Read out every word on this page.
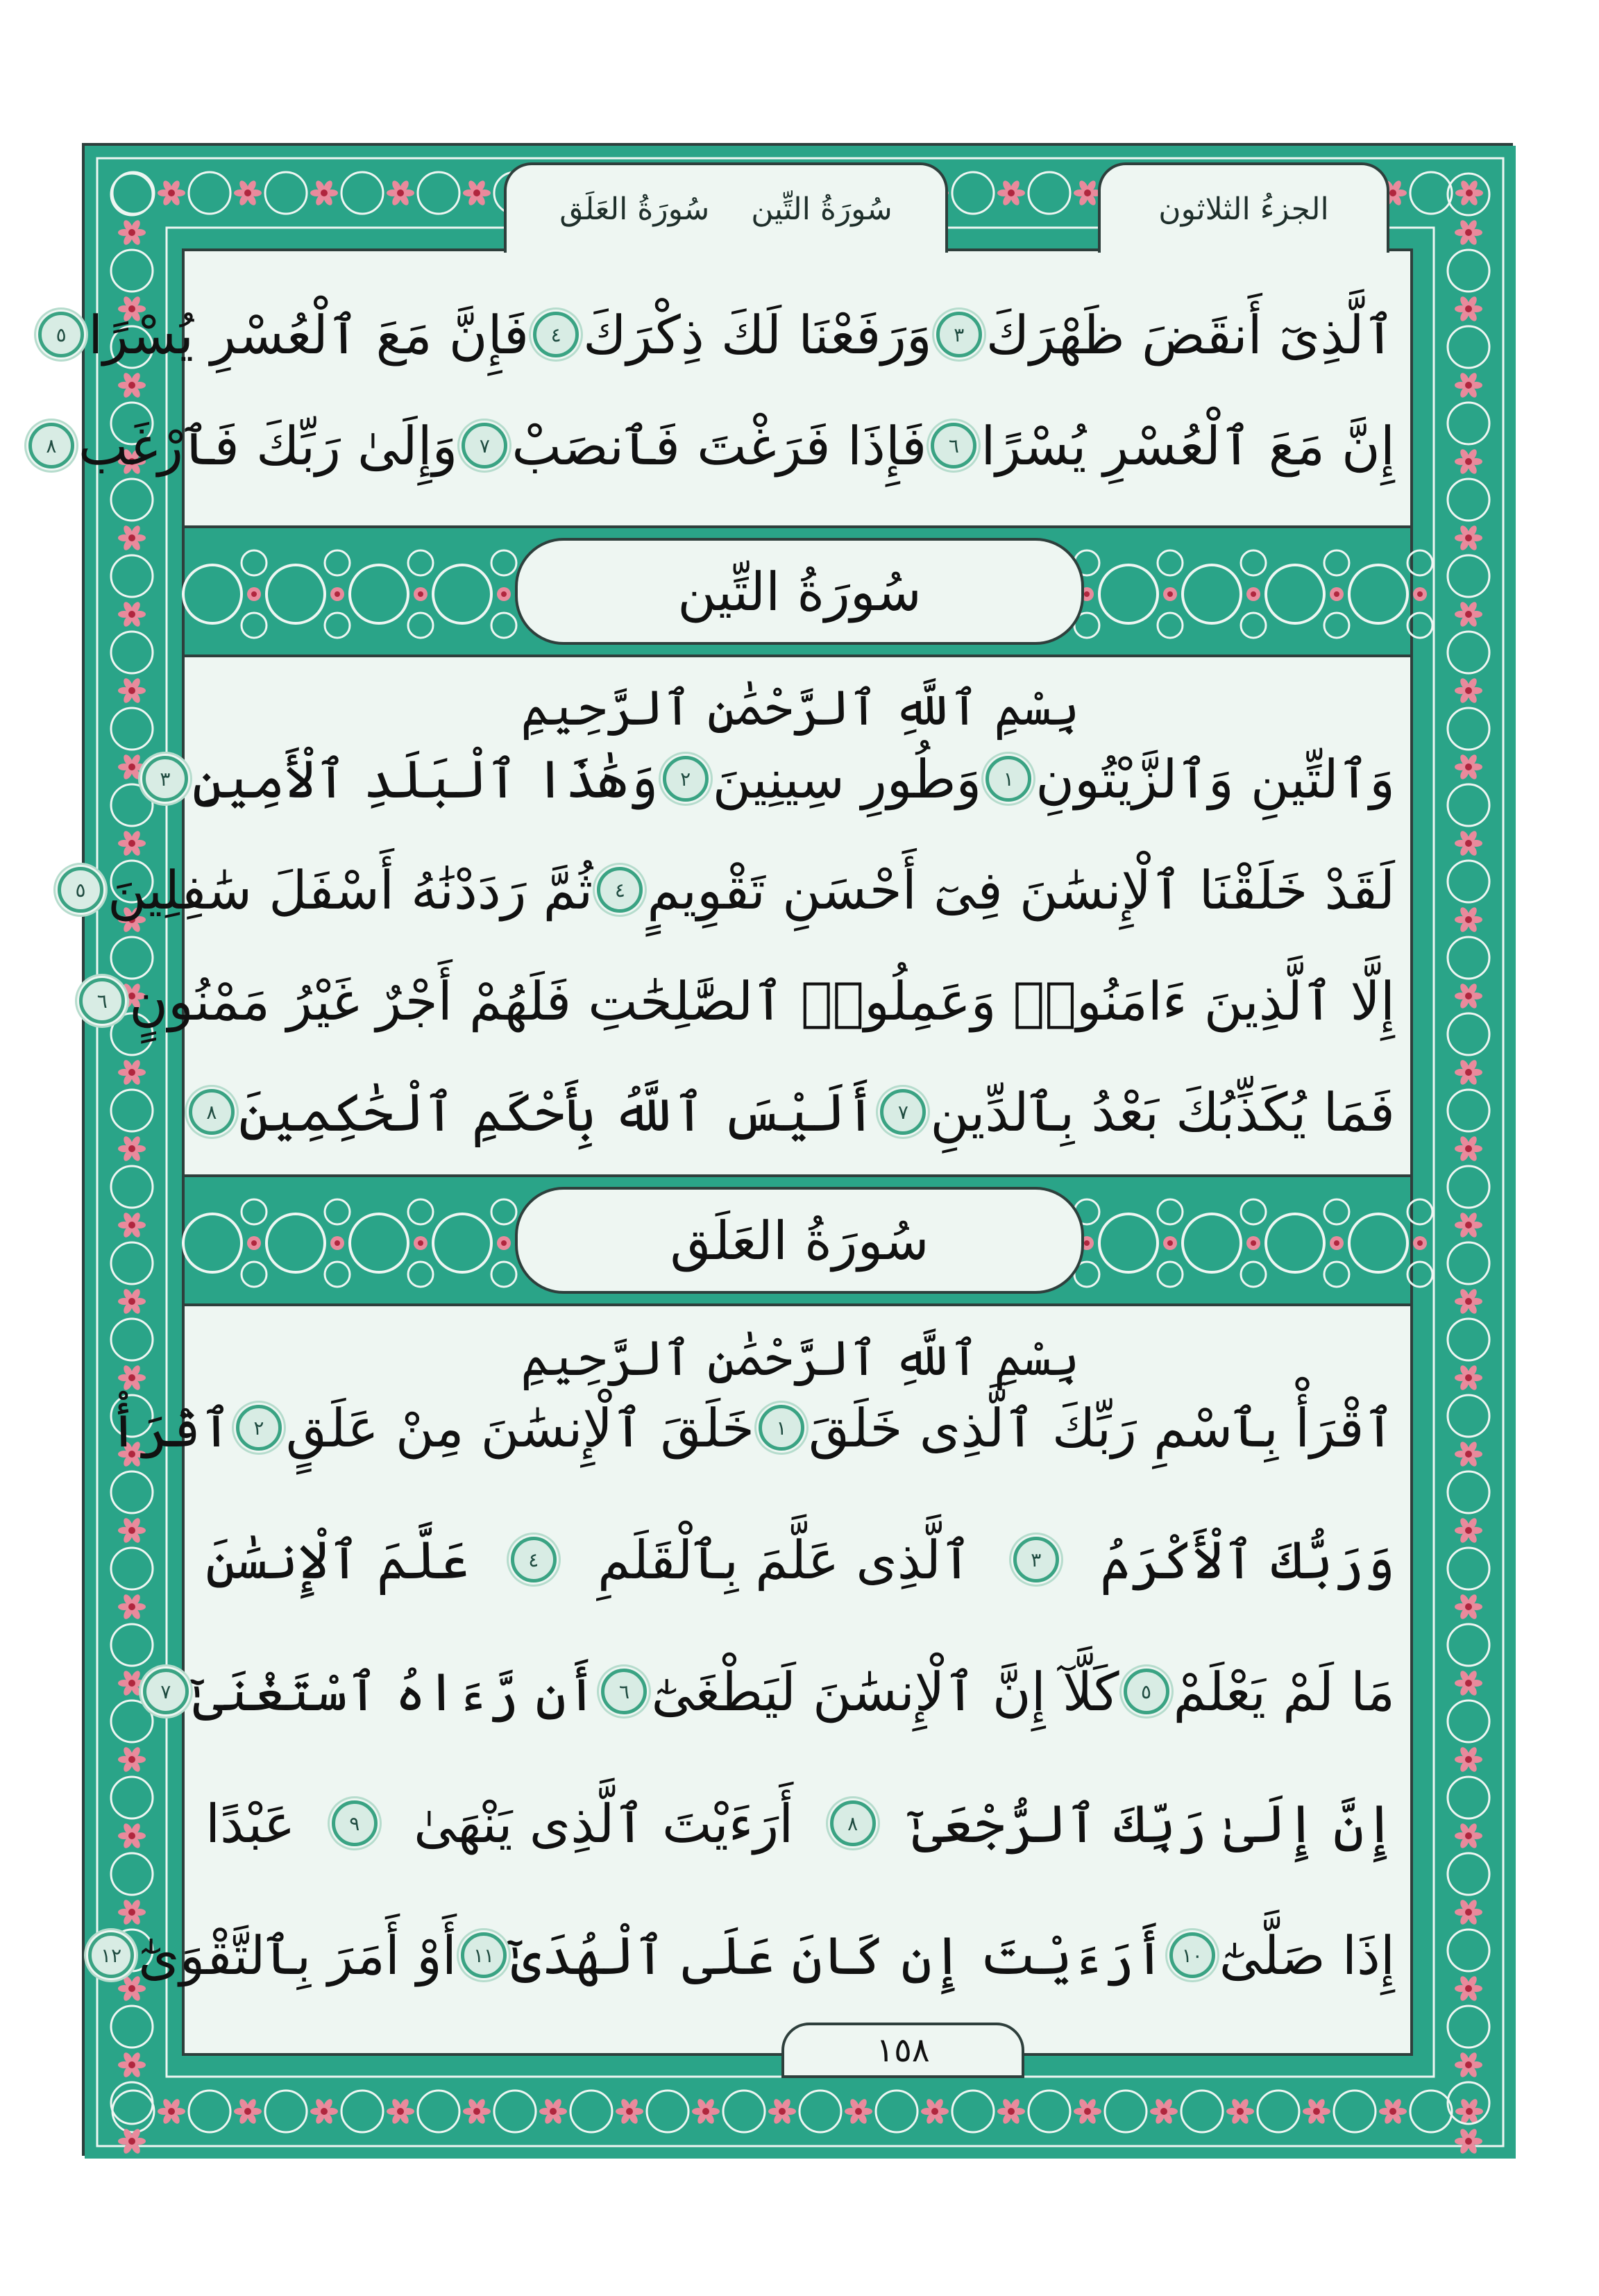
الجزءُ الثلاثون
سُورَةُ التِّين
سُورَةُ العَلَق
ٱلَّذِىٓ أَنقَضَ ظَهْرَكَ
٣
وَرَفَعْنَا لَكَ ذِكْرَكَ
٤
فَإِنَّ مَعَ ٱلْعُسْرِ يُسْرًا
٥
إِنَّ مَعَ ٱلْعُسْرِ يُسْرًا
٦
فَإِذَا فَرَغْتَ فَٱنصَبْ
٧
وَإِلَىٰ رَبِّكَ فَٱرْغَب
٨
سُورَةُ التِّين
بِسْمِ ٱللَّهِ ٱلرَّحْمَٰنِ ٱلرَّحِيمِ
وَٱلتِّينِ وَٱلزَّيْتُونِ
١
وَطُورِ سِينِينَ
٢
وَهَٰذَا ٱلْبَلَدِ ٱلْأَمِينِ
٣
لَقَدْ خَلَقْنَا ٱلْإِنسَٰنَ فِىٓ أَحْسَنِ تَقْوِيمٍ
٤
ثُمَّ رَدَدْنَٰهُ أَسْفَلَ سَٰفِلِينَ
٥
إِلَّا ٱلَّذِينَ ءَامَنُوا۟ وَعَمِلُوا۟ ٱلصَّٰلِحَٰتِ فَلَهُمْ أَجْرٌ غَيْرُ مَمْنُونٍ
٦
فَمَا يُكَذِّبُكَ بَعْدُ بِٱلدِّينِ
٧
أَلَيْسَ ٱللَّهُ بِأَحْكَمِ ٱلْحَٰكِمِينَ
٨
سُورَةُ العَلَق
بِسْمِ ٱللَّهِ ٱلرَّحْمَٰنِ ٱلرَّحِيمِ
ٱقْرَأْ بِٱسْمِ رَبِّكَ ٱلَّذِى خَلَقَ
١
خَلَقَ ٱلْإِنسَٰنَ مِنْ عَلَقٍ
٢
ٱقْرَأْ
وَرَبُّكَ ٱلْأَكْرَمُ
٣
ٱلَّذِى عَلَّمَ بِٱلْقَلَمِ
٤
عَلَّمَ ٱلْإِنسَٰنَ
مَا لَمْ يَعْلَمْ
٥
كَلَّآ إِنَّ ٱلْإِنسَٰنَ لَيَطْغَىٰٓ
٦
أَن رَّءَاهُ ٱسْتَغْنَىٰٓ
٧
إِنَّ إِلَىٰ رَبِّكَ ٱلرُّجْعَىٰٓ
٨
أَرَءَيْتَ ٱلَّذِى يَنْهَىٰ
٩
عَبْدًا
إِذَا صَلَّىٰٓ
١٠
أَرَءَيْتَ إِن كَانَ عَلَى ٱلْهُدَىٰٓ
١١
أَوْ أَمَرَ بِٱلتَّقْوَىٰٓ
١٢
١٥٨
